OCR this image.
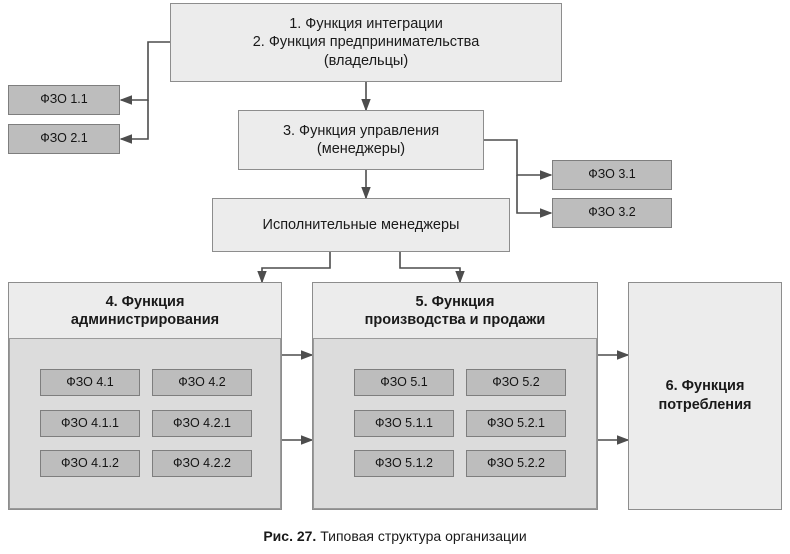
1. Функция интеграции
2. Функция предпринимательства
(владельцы)
ФЗО 1.1
ФЗО 2.1	3. Функция управления
(менеджеры)
ФЗО 3.1
ФЗО 3.2
Исполнительные менеджеры
4. Функция
администрирования
ФЗО 4.1	ФЗО 4.2
ФЗО 4.1.1	ФЗО 4.2.1
ФЗО 4.1.2	ФЗО 4.2.2
5. Функция
производства и продажи
ФЗО 5.1	ФЗО 5.2
ФЗО 5.1.1	ФЗО 5.2.1
ФЗО 5.1.2	ФЗО 5.2.2
6. Функция
потребления
Рис. 27. Типовая структура организации
